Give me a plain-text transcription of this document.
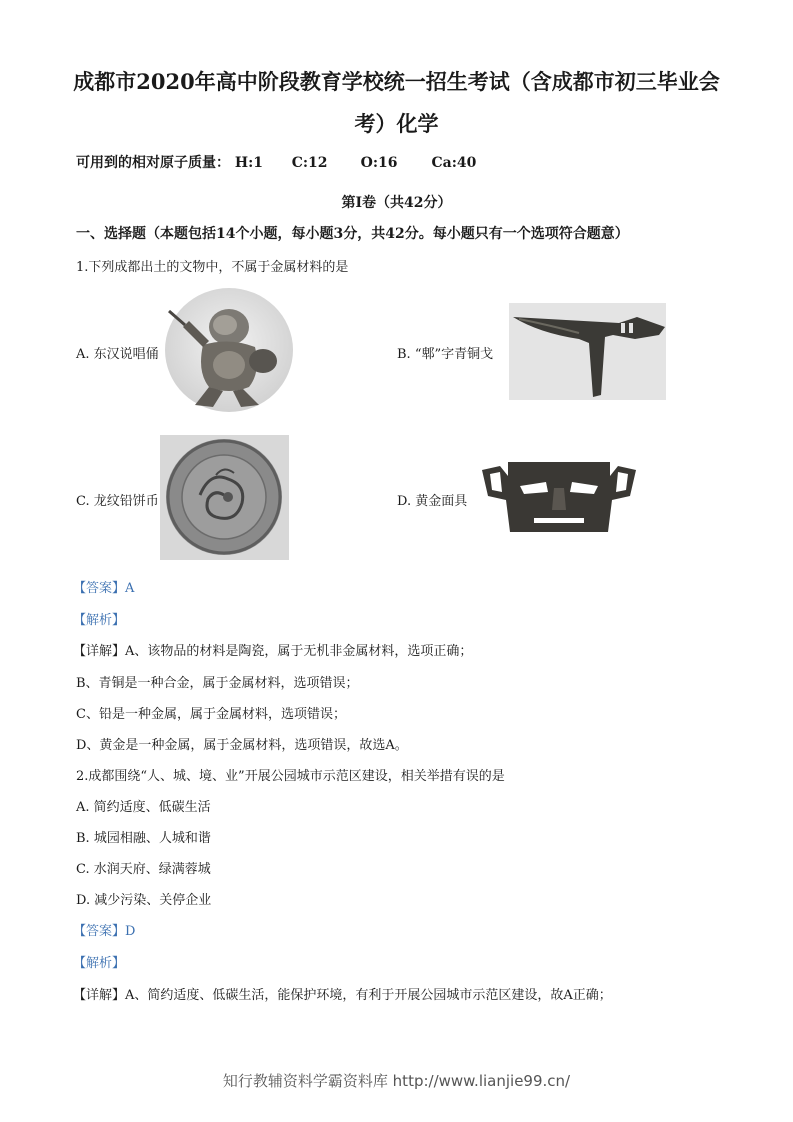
成都市2020年高中阶段教育学校统一招生考试（含成都市初三毕业会
考）化学
可用到的相对原子质量： H:1 C:12 O:16 Ca:40
第Ⅰ卷（共42分）
一、选择题（本题包括14个小题，每小题3分，共42分。每小题只有一个选项符合题意）
1.下列成都出土的文物中，不属于金属材料的是
A. 东汉说唱俑	B. “郫”字青铜戈
C. 龙纹铅饼币	D. 黄金面具
【答案】A
【解析】
【详解】A、该物品的材料是陶瓷，属于无机非金属材料，选项正确；
B、青铜是一种合金，属于金属材料，选项错误；
C、铅是一种金属，属于金属材料，选项错误；
D、黄金是一种金属，属于金属材料，选项错误，故选A。
2.成都围绕“人、城、境、业”开展公园城市示范区建设，相关举措有误的是
A. 简约适度、低碳生活
B. 城园相融、人城和谐
C. 水润天府、绿满蓉城
D. 减少污染、关停企业
【答案】D
【解析】
【详解】A、简约适度、低碳生活，能保护环境，有利于开展公园城市示范区建设，故A正确；
知行教辅资料学霸资料库 http://www.lianjie99.cn/
